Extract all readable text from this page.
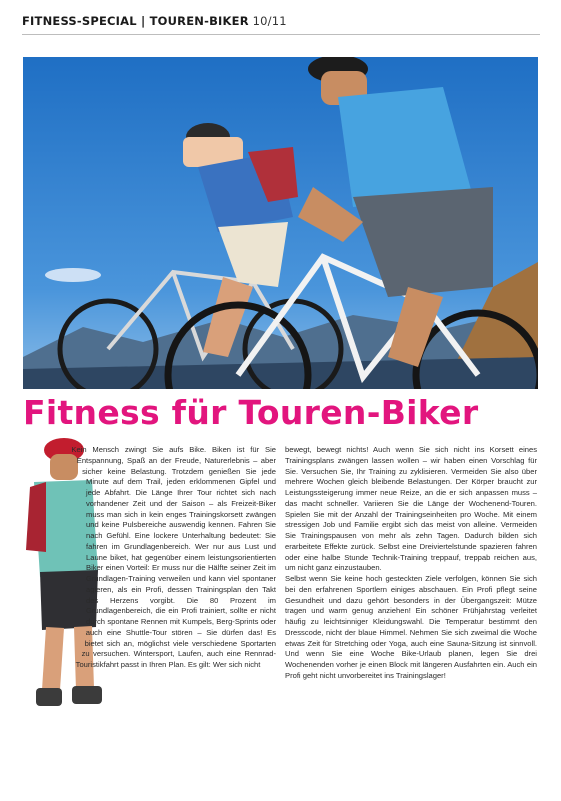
FITNESS-SPECIAL | TOUREN-BIKER 10/11
Fitness für Touren-Biker

Kein Mensch zwingt Sie aufs Bike. Biken ist für Sie Entspannung, Spaß an der Freude, Naturerlebnis – aber sicher keine Belastung. Trotzdem genießen Sie jede Minute auf dem Trail, jeden erklommenen Gipfel und jede Abfahrt. Die Länge Ihrer Tour richtet sich nach vorhandener Zeit und der Saison – als Freizeit-Biker muss man sich in kein enges Trainingskorsett zwängen und keine Pulsbereiche auswendig kennen. Fahren Sie nach Gefühl. Eine lockere Unterhaltung bedeutet: Sie fahren im Grundlagenbereich. Wer nur aus Lust und Laune biket, hat gegenüber einem leistungsorientierten Biker einen Vorteil: Er muss nur die Hälfte seiner Zeit im Grundlagen-Training verweilen und kann viel spontaner agieren, als ein Profi, dessen Trainingsplan den Takt des Herzens vorgibt. Die 80 Prozent im Grundlagenbereich, die ein Profi trainiert, sollte er nicht durch spontane Rennen mit Kumpels, Berg-Sprints oder auch eine Shuttle-Tour stören – Sie dürfen das! Es bietet sich an, möglichst viele verschiedene Sportarten zu versuchen. Wintersport, Laufen, auch eine Rennrad-Touristikfahrt passt in Ihren Plan. Es gilt: Wer sich nicht

bewegt, bewegt nichts! Auch wenn Sie sich nicht ins Korsett eines Trainingsplans zwängen lassen wollen – wir haben einen Vorschlag für Sie. Versuchen Sie, Ihr Training zu zyklisieren. Vermeiden Sie also über mehrere Wochen gleich bleibende Belastungen. Der Körper braucht zur Leistungssteigerung immer neue Reize, an die er sich anpassen muss – das macht schneller. Variieren Sie die Länge der Wochenend-Touren. Spielen Sie mit der Anzahl der Trainingseinheiten pro Woche. Mit einem stressigen Job und Familie ergibt sich das meist von alleine. Vermeiden Sie Trainingspausen von mehr als zehn Tagen. Dadurch bilden sich erarbeitete Effekte zurück. Selbst eine Dreiviertelstunde spazieren fahren oder eine halbe Stunde Technik-Training treppauf, treppab reichen aus, um nicht ganz einzustauben.

Selbst wenn Sie keine hoch gesteckten Ziele verfolgen, können Sie sich bei den erfahrenen Sportlern einiges abschauen. Ein Profi pflegt seine Gesundheit und dazu gehört besonders in der Übergangszeit: Mütze tragen und warm genug anziehen! Ein schöner Frühjahrstag verleitet häufig zu leichtsinniger Kleidungswahl. Die Temperatur bestimmt den Dresscode, nicht der blaue Himmel. Nehmen Sie sich zweimal die Woche etwas Zeit für Stretching oder Yoga, auch eine Sauna-Sitzung ist sinnvoll. Und wenn Sie eine Woche Bike-Urlaub planen, legen Sie drei Wochenenden vorher je einen Block mit längeren Ausfahrten ein. Auch ein Profi geht nicht unvorbereitet ins Trainingslager!
